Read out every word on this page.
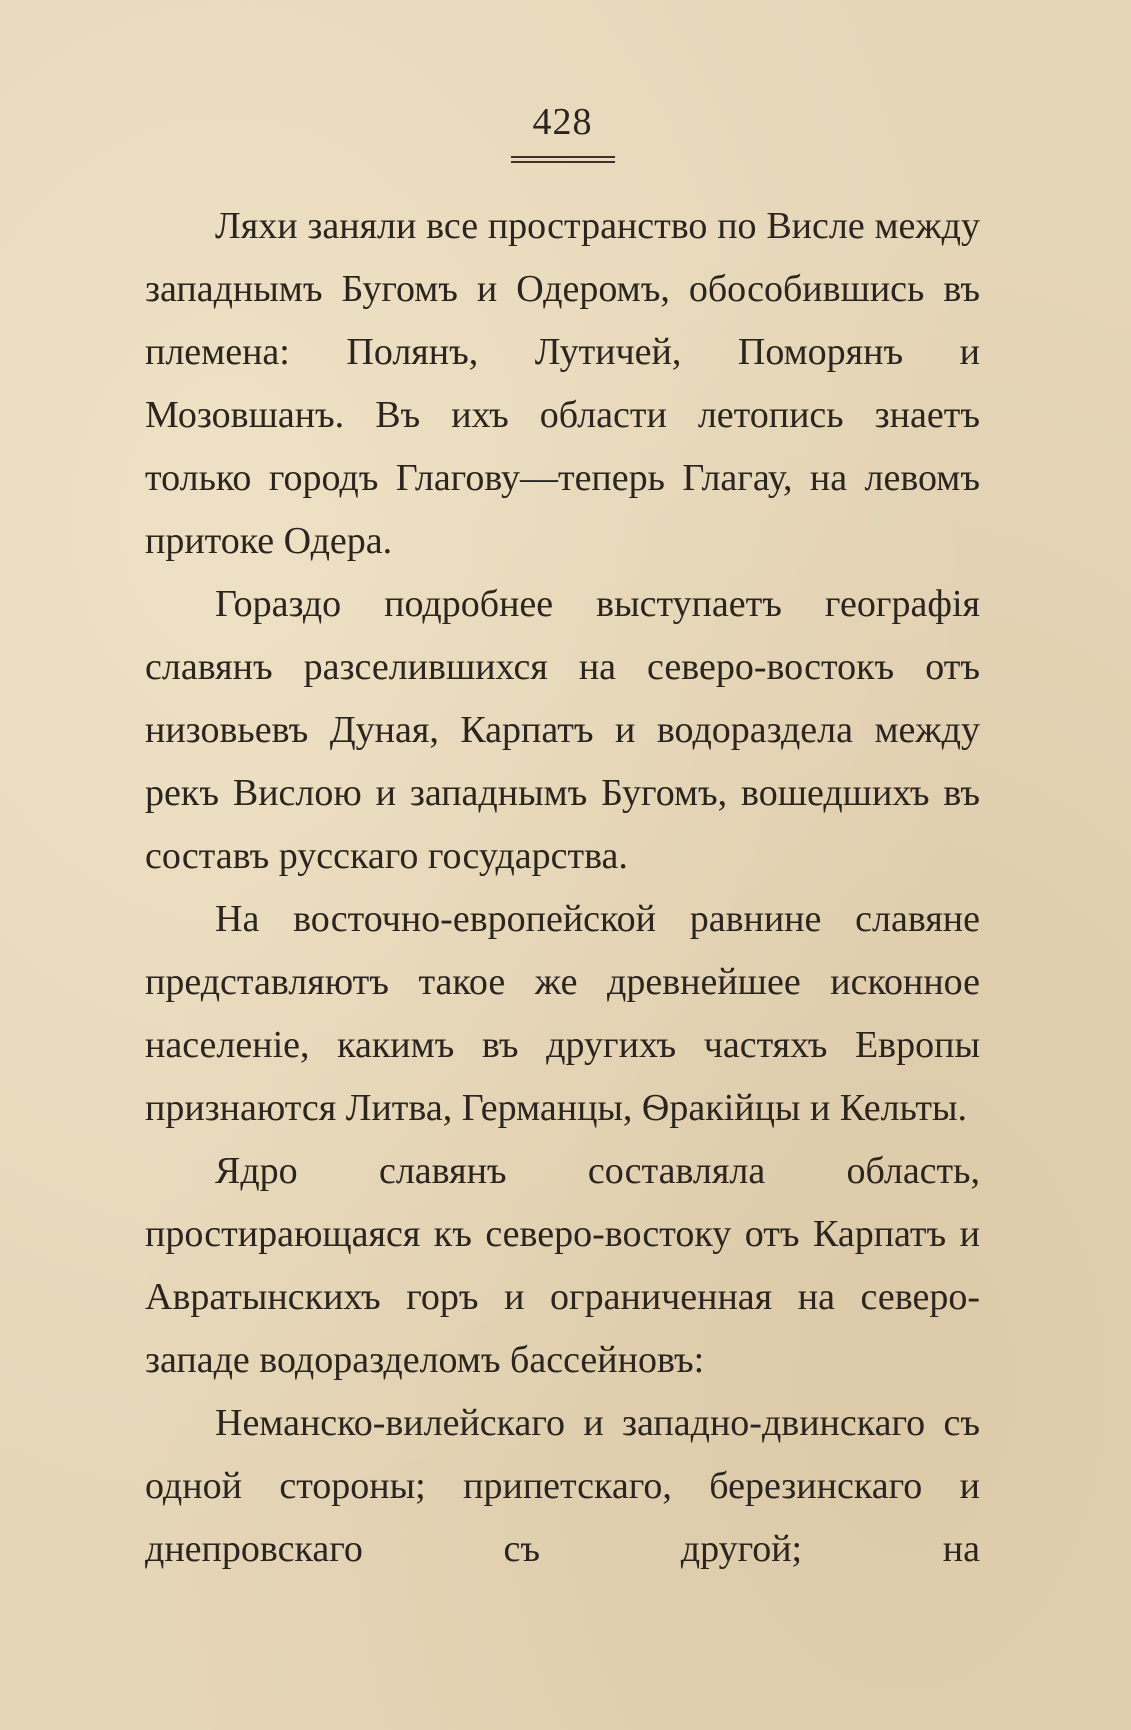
428

Ляхи заняли все пространство по Висле между западнымъ Бугомъ и Одеромъ, обособившись въ племена: Полянъ, Лутичей, Поморянъ и Мозовшанъ. Въ ихъ области летопись знаетъ только городъ Глагову—теперь Глагау, на левомъ притоке Одера.

Гораздо подробнее выступаетъ географія славянъ разселившихся на северо-востокъ отъ низовьевъ Дуная, Карпатъ и водораздела между рекъ Вислою и западнымъ Бугомъ, вошедшихъ въ составъ русскаго государства.

На восточно-европейской равнине славяне представляютъ такое же древнейшее исконное населеніе, какимъ въ другихъ частяхъ Европы признаются Литва, Германцы, Ѳракійцы и Кельты.

Ядро славянъ составляла область, простирающаяся къ северо-востоку отъ Карпатъ и Авратынскихъ горъ и ограниченная на северо-западе водоразделомъ бассейновъ:

Неманско-вилейскаго и западно-двинскаго съ одной стороны; припетскаго, березинскаго и днепровскаго съ другой; на
